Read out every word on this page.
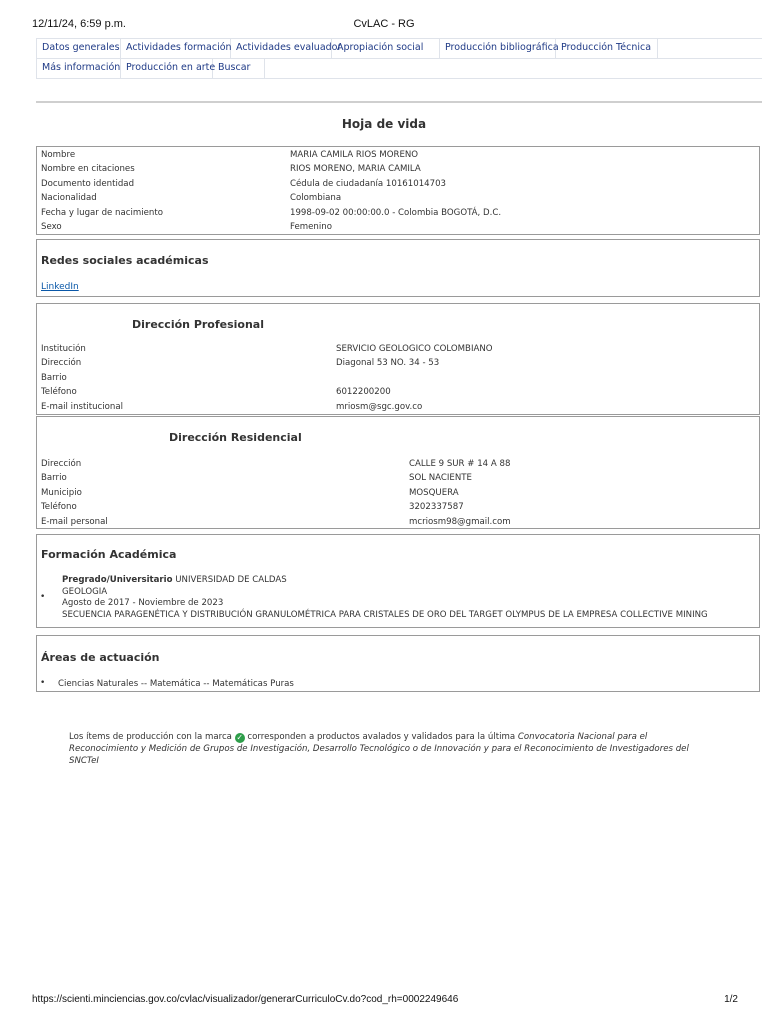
12/11/24, 6:59 p.m.	CvLAC - RG
Datos generales Actividades formación Actividades evaluador
Apropiación social	Producción bibliográfica Producción Técnica
Más información Producción en arte Buscar
Hoja de vida
Nombre	MARIA CAMILA RIOS MORENO
Nombre en citaciones	RIOS MORENO, MARIA CAMILA
Documento identidad	Cédula de ciudadanía 10161014703
Nacionalidad	Colombiana
Fecha y lugar de nacimiento	1998-09-02 00:00:00.0 - Colombia BOGOTÁ, D.C.
Sexo	Femenino
Redes sociales académicas
LinkedIn
Dirección Profesional
Institución	SERVICIO GEOLOGICO COLOMBIANO
Dirección	Diagonal 53 NO. 34 - 53
Barrio
Teléfono	6012200200
E-mail institucional	mriosm@sgc.gov.co
Dirección Residencial
Dirección	CALLE 9 SUR # 14 A 88
Barrio	SOL NACIENTE
Municipio	MOSQUERA
Teléfono	3202337587
E-mail personal	mcriosm98@gmail.com
Formación Académica
•
Pregrado/Universitario UNIVERSIDAD DE CALDAS
GEOLOGIA
Agosto de 2017 - Noviembre de 2023
SECUENCIA PARAGENÉTICA Y DISTRIBUCIÓN GRANULOMÉTRICA PARA CRISTALES DE ORO DEL TARGET OLYMPUS DE LA EMPRESA COLLECTIVE MINING
Áreas de actuación
• Ciencias Naturales -- Matemática -- Matemáticas Puras
Los ítems de producción con la marca ✓ corresponden a productos avalados y validados para la última Convocatoria Nacional para el Reconocimiento y Medición de Grupos de Investigación, Desarrollo Tecnológico o de Innovación y para el Reconocimiento de Investigadores del SNCTeI
https://scienti.minciencias.gov.co/cvlac/visualizador/generarCurriculoCv.do?cod_rh=0002249646	1/2
